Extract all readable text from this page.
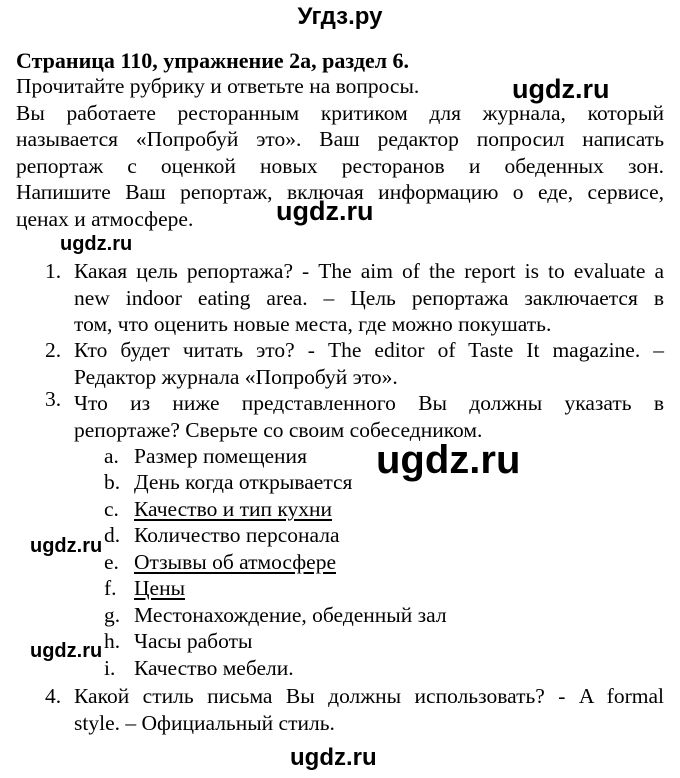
Угдз.ру
Страница 110, упражнение 2а, раздел 6.

Прочитайте рубрику и ответьте на вопросы.

Вы работаете ресторанным критиком для журнала, который

называется «Попробуй это». Ваш редактор попросил написать

репортаж с оценкой новых ресторанов и обеденных зон.

Напишите Ваш репортаж, включая информацию о еде, сервисе,

ценах и атмосфере.

1. Какая цель репортажа? - The aim of the report is to evaluate a
new indoor eating area. – Цель репортажа заключается в
том, что оценить новые места, где можно покушать.
2. Кто будет читать это? - The editor of Taste It magazine. –
Редактор журнала «Попробуй это».
3. Что из ниже представленного Вы должны указать в
репортаже? Сверьте со своим собеседником.
a. Размер помещения
b. День когда открывается
c. Качество и тип кухни
d. Количество персонала
e. Отзывы об атмосфере
f. Цены
g. Местонахождение, обеденный зал
h. Часы работы
i. Качество мебели.
4. Какой стиль письма Вы должны использовать? - A formal
style. – Официальный стиль.
ugdz.ru
ugdz.ru
ugdz.ru
ugdz.ru
ugdz.ru
ugdz.ru
ugdz.ru
